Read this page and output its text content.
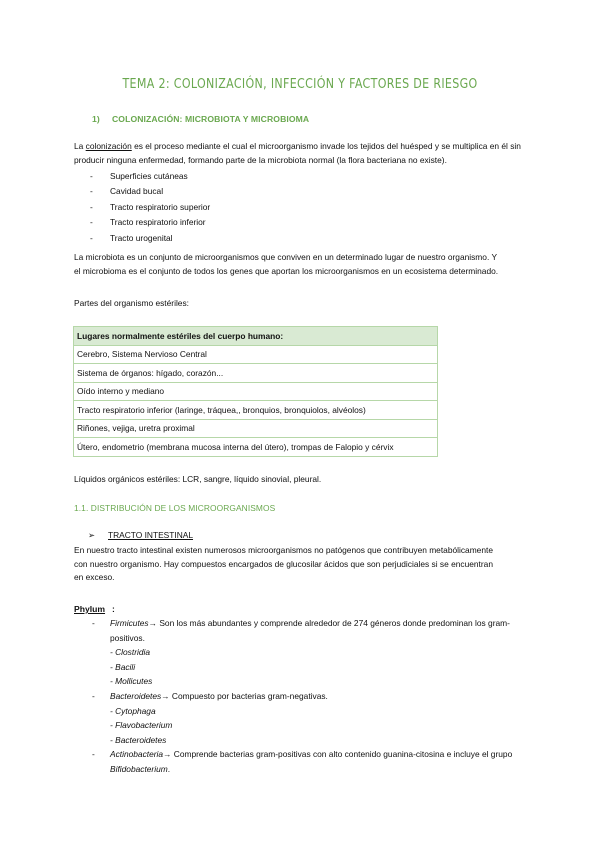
TEMA 2: COLONIZACIÓN, INFECCIÓN Y FACTORES DE RIESGO
1) COLONIZACIÓN: MICROBIOTA Y MICROBIOMA
La colonización es el proceso mediante el cual el microorganismo invade los tejidos del huésped y se multiplica en él sin producir ninguna enfermedad, formando parte de la microbiota normal (la flora bacteriana no existe).
-	Superficies cutáneas
-	Cavidad bucal
-	Tracto respiratorio superior
-	Tracto respiratorio inferior
-	Tracto urogenital
La microbiota es un conjunto de microorganismos que conviven en un determinado lugar de nuestro organismo. Y el microbioma es el conjunto de todos los genes que aportan los microorganismos en un ecosistema determinado.
Partes del organismo estériles:
Lugares normalmente estériles del cuerpo humano:
Cerebro, Sistema Nervioso Central
Sistema de órganos: hígado, corazón...
Oído interno y mediano
Tracto respiratorio inferior (laringe, tráquea,, bronquios, bronquiolos, alvéolos)
Riñones, vejiga, uretra proximal
Útero, endometrio (membrana mucosa interna del útero), trompas de Falopio y cérvix
Líquidos orgánicos estériles: LCR, sangre, líquido sinovial, pleural.
1.1. DISTRIBUCIÓN DE LOS MICROORGANISMOS
➢ TRACTO INTESTINAL
En nuestro tracto intestinal existen numerosos microorganismos no patógenos que contribuyen metabólicamente con nuestro organismo. Hay compuestos encargados de glucosilar ácidos que son perjudiciales si se encuentran en exceso.
Phylum :
-	Firmicutes→ Son los más abundantes y comprende alrededor de 274 géneros donde predominan los gram-positivos.
- Clostridia
- Bacili
- Mollicutes
-	Bacteroidetes→ Compuesto por bacterias gram-negativas.
- Cytophaga
- Flavobacterium
- Bacteroidetes
-	Actinobacteria→ Comprende bacterias gram-positivas con alto contenido guanina-citosina e incluye el grupo Bifidobacterium.
